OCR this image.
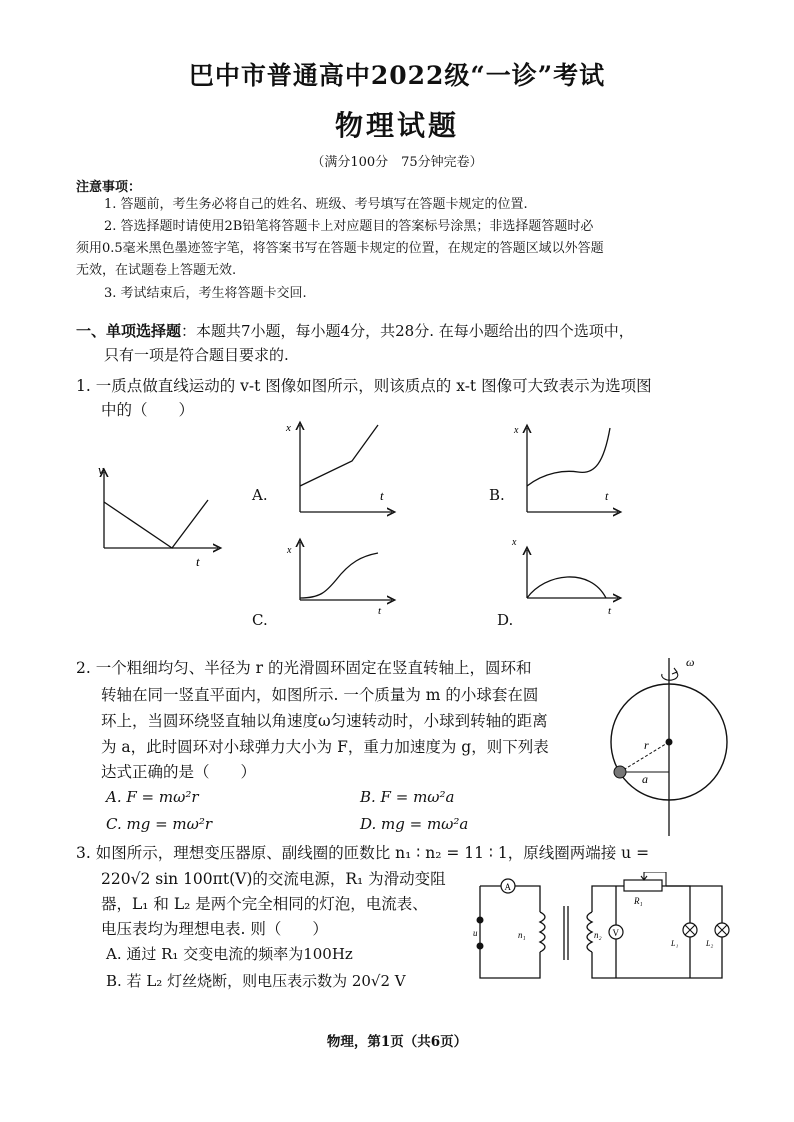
巴中市普通高中2022级“一诊”考试
物理试题
（满分100分　75分钟完卷）
注意事项：
1. 答题前，考生务必将自己的姓名、班级、考号填写在答题卡规定的位置.
2. 答选择题时请使用2B铅笔将答题卡上对应题目的答案标号涂黑；非选择题答题时必
须用0.5毫米黑色墨迹签字笔，将答案书写在答题卡规定的位置，在规定的答题区域以外答题
无效，在试题卷上答题无效.
3. 考试结束后，考生将答题卡交回.
一、单项选择题：本题共7小题，每小题4分，共28分. 在每小题给出的四个选项中，
只有一项是符合题目要求的.
1. 一质点做直线运动的 v-t 图像如图所示，则该质点的 x-t 图像可大致表示为选项图
中的（　　）
v
t
x
t
x
t
x
t
x
t
A.	B.
C.	D.
2. 一个粗细均匀、半径为 r 的光滑圆环固定在竖直转轴上，圆环和
转轴在同一竖直平面内，如图所示. 一个质量为 m 的小球套在圆
环上，当圆环绕竖直轴以角速度ω匀速转动时，小球到转轴的距离
为 a，此时圆环对小球弹力大小为 F，重力加速度为 g，则下列表
达式正确的是（　　）
A. F = mω²r	B. F = mω²a
C. mg = mω²r	D. mg = mω²a
ω
r
a
3. 如图所示，理想变压器原、副线圈的匝数比 n₁ ∶ n₂ = 11 ∶ 1，原线圈两端接 u =
220√2 sin 100πt(V)的交流电源，R₁ 为滑动变阻
器，L₁ 和 L₂ 是两个完全相同的灯泡，电流表、
电压表均为理想电表. 则（　　）
A. 通过 R₁ 交变电流的频率为100Hz
B. 若 L₂ 灯丝烧断，则电压表示数为 20√2 V
A
u	n₁	n₂ V
R₁
L₁	L₂
物理，第1页（共6页）
